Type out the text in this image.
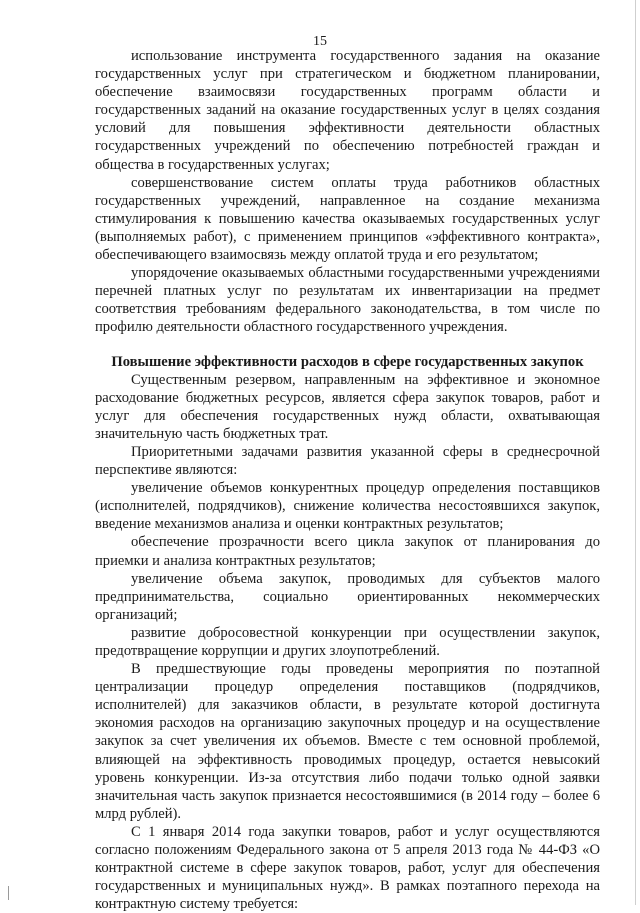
15

использование инструмента государственного задания на оказание государственных услуг при стратегическом и бюджетном планировании, обеспечение взаимосвязи государственных программ области и государственных заданий на оказание государственных услуг в целях создания условий для повышения эффективности деятельности областных государственных учреждений по обеспечению потребностей граждан и общества в государственных услугах;

совершенствование систем оплаты труда работников областных государственных учреждений, направленное на создание механизма стимулирования к повышению качества оказываемых государственных услуг (выполняемых работ), с применением принципов «эффективного контракта», обеспечивающего взаимосвязь между оплатой труда и его результатом;

упорядочение оказываемых областными государственными учреждениями перечней платных услуг по результатам их инвентаризации на предмет соответствия требованиям федерального законодательства, в том числе по профилю деятельности областного государственного учреждения.

Повышение эффективности расходов в сфере государственных закупок

Существенным резервом, направленным на эффективное и экономное расходование бюджетных ресурсов, является сфера закупок товаров, работ и услуг для обеспечения государственных нужд области, охватывающая значительную часть бюджетных трат.

Приоритетными задачами развития указанной сферы в среднесрочной перспективе являются:

увеличение объемов конкурентных процедур определения поставщиков (исполнителей, подрядчиков), снижение количества несостоявшихся закупок, введение механизмов анализа и оценки контрактных результатов;

обеспечение прозрачности всего цикла закупок от планирования до приемки и анализа контрактных результатов;

увеличение объема закупок, проводимых для субъектов малого предпринимательства, социально ориентированных некоммерческих организаций;

развитие добросовестной конкуренции при осуществлении закупок, предотвращение коррупции и других злоупотреблений.

В предшествующие годы проведены мероприятия по поэтапной централизации процедур определения поставщиков (подрядчиков, исполнителей) для заказчиков области, в результате которой достигнута экономия расходов на организацию закупочных процедур и на осуществление закупок за счет увеличения их объемов. Вместе с тем основной проблемой, влияющей на эффективность проводимых процедур, остается невысокий уровень конкуренции. Из-за отсутствия либо подачи только одной заявки значительная часть закупок признается несостоявшимися (в 2014 году – более 6 млрд рублей).

С 1 января 2014 года закупки товаров, работ и услуг осуществляются согласно положениям Федерального закона от 5 апреля 2013 года № 44-ФЗ «О контрактной системе в сфере закупок товаров, работ, услуг для обеспечения государственных и муниципальных нужд». В рамках поэтапного перехода на контрактную систему требуется:
